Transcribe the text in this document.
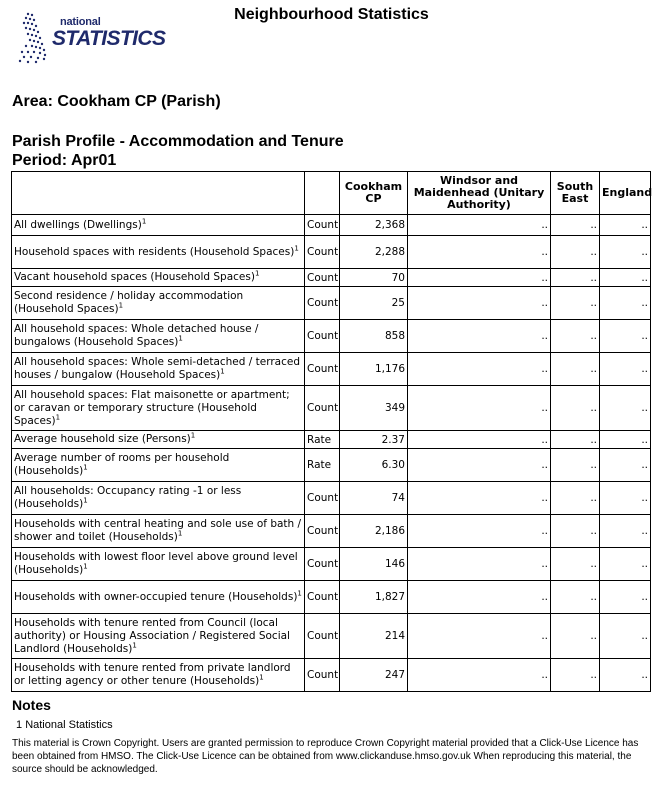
Neighbourhood Statistics
national
STATISTICS
Area: Cookham CP (Parish)
Parish Profile - Accommodation and Tenure
Period: Apr01
		Cookham CP	Windsor and Maidenhead (Unitary Authority)	South East	England
All dwellings (Dwellings)$^1$	Count	2,368	..	..	..
Household spaces with residents (Household Spaces)$^1$	Count	2,288	..	..	..
Vacant household spaces (Household Spaces)$^1$	Count	70	..	..	..
Second residence / holiday accommodation (Household Spaces)$^1$	Count	25	..	..	..
All household spaces: Whole detached house / bungalows (Household Spaces)$^1$	Count	858	..	..	..
All household spaces: Whole semi-detached / terraced houses / bungalow (Household Spaces)$^1$	Count	1,176	..	..	..
All household spaces: Flat maisonette or apartment; or caravan or temporary structure (Household Spaces)$^1$	Count	349	..	..	..
Average household size (Persons)$^1$	Rate	2.37	..	..	..
Average number of rooms per household (Households)$^1$	Rate	6.30	..	..	..
All households: Occupancy rating -1 or less (Households)$^1$	Count	74	..	..	..
Households with central heating and sole use of bath / shower and toilet (Households)$^1$	Count	2,186	..	..	..
Households with lowest floor level above ground level (Households)$^1$	Count	146	..	..	..
Households with owner-occupied tenure (Households)$^1$	Count	1,827	..	..	..
Households with tenure rented from Council (local authority) or Housing Association / Registered Social Landlord (Households)$^1$	Count	214	..	..	..
Households with tenure rented from private landlord or letting agency or other tenure (Households)$^1$	Count	247	..	..	..
Notes
1 National Statistics
This material is Crown Copyright. Users are granted permission to reproduce Crown Copyright material provided that a Click-Use Licence has been obtained from HMSO. The Click-Use Licence can be obtained from www.clickanduse.hmso.gov.uk When reproducing this material, the source should be acknowledged.
